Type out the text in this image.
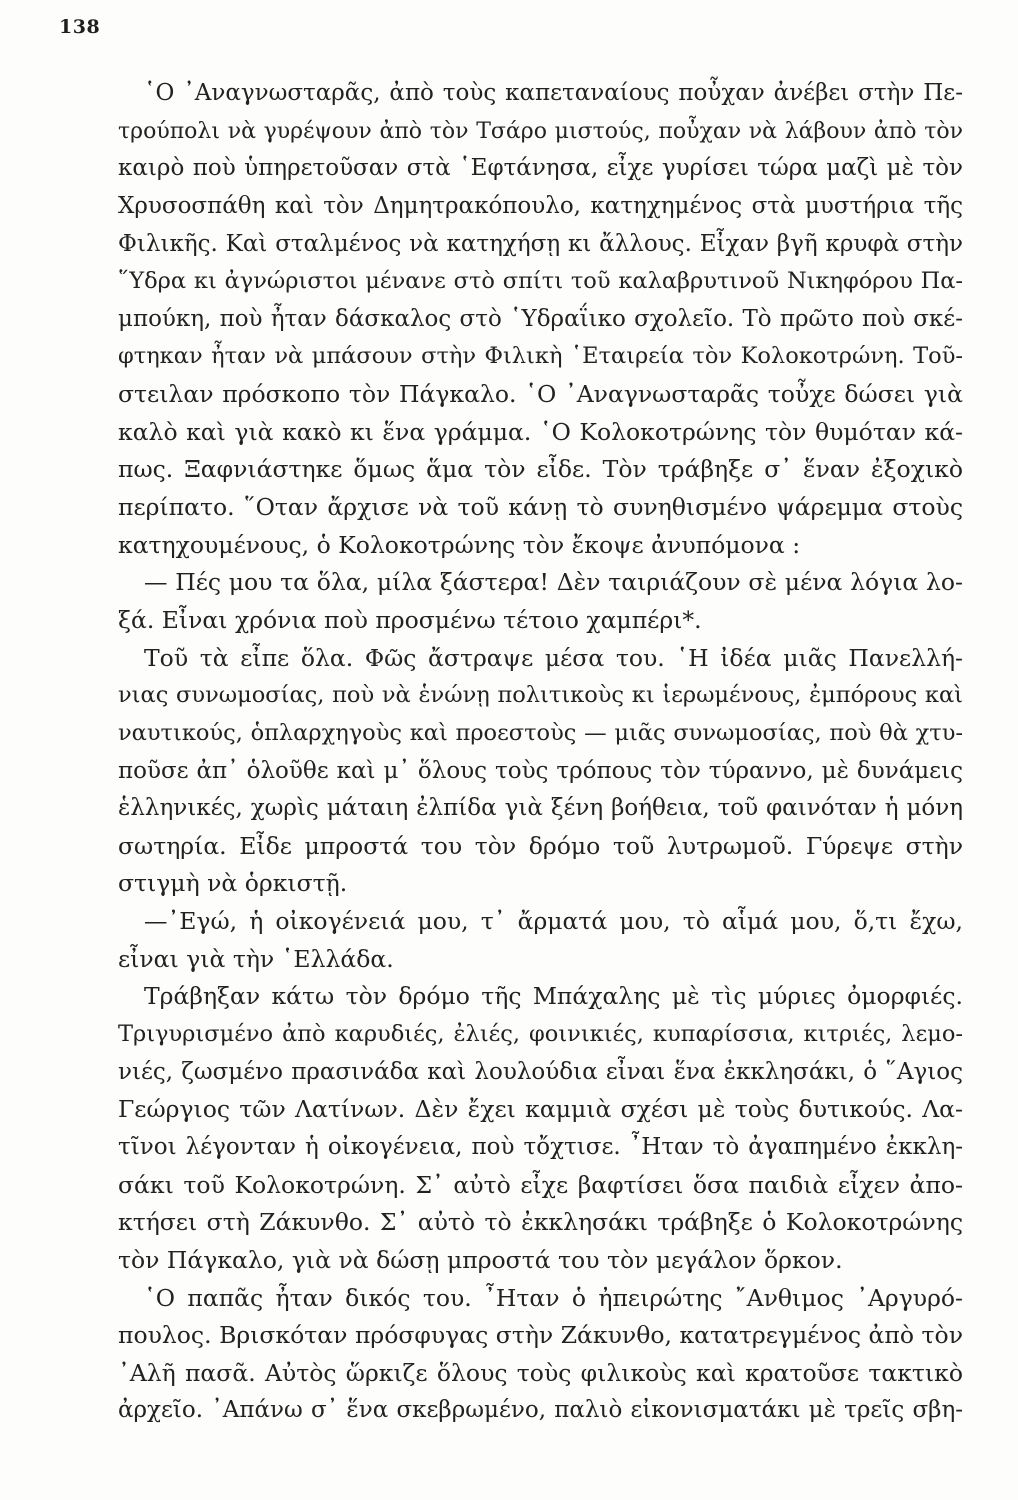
138
῾Ο ᾿Αναγνωσταρᾶς, ἀπὸ τοὺς καπεταναίους ποὖχαν ἀνέβει στὴν Πε-
τρούπολι νὰ γυρέψουν ἀπὸ τὸν Τσάρο μιστούς, ποὖχαν νὰ λάβουν ἀπὸ τὸν
καιρὸ ποὺ ὑπηρετοῦσαν στὰ ῾Εφτάνησα, εἶχε γυρίσει τώρα μαζὶ μὲ τὸν
Χρυσοσπάθη καὶ τὸν Δημητρακόπουλο, κατηχημένος στὰ μυστήρια τῆς
Φιλικῆς. Καὶ σταλμένος νὰ κατηχήσῃ κι ἄλλους. Εἶχαν βγῆ κρυφὰ στὴν
῞Υδρα κι ἀγνώριστοι μένανε στὸ σπίτι τοῦ καλαβρυτινοῦ Νικηφόρου Πα-
μπούκη, ποὺ ἦταν δάσκαλος στὸ ῾Υδραΐικο σχολεῖο. Τὸ πρῶτο ποὺ σκέ-
φτηκαν ἦταν νὰ μπάσουν στὴν Φιλικὴ ῾Εταιρεία τὸν Κολοκοτρώνη. Τοῦ-
στειλαν πρόσκοπο τὸν Πάγκαλο. ῾Ο ᾿Αναγνωσταρᾶς τοὖχε δώσει γιὰ
καλὸ καὶ γιὰ κακὸ κι ἕνα γράμμα. ῾Ο Κολοκοτρώνης τὸν θυμόταν κά-
πως. Ξαφνιάστηκε ὅμως ἅμα τὸν εἶδε. Τὸν τράβηξε σ᾿ ἕναν ἐξοχικὸ
περίπατο. ῞Οταν ἄρχισε νὰ τοῦ κάνῃ τὸ συνηθισμένο ψάρεμμα στοὺς
κατηχουμένους, ὁ Κολοκοτρώνης τὸν ἔκοψε ἀνυπόμονα :
— Πές μου τα ὅλα, μίλα ξάστερα! Δὲν ταιριάζουν σὲ μένα λόγια λο-
ξά. Εἶναι χρόνια ποὺ προσμένω τέτοιο χαμπέρι*.
Τοῦ τὰ εἶπε ὅλα. Φῶς ἄστραψε μέσα του. ῾Η ἰδέα μιᾶς Πανελλή-
νιας συνωμοσίας, ποὺ νὰ ἑνώνῃ πολιτικοὺς κι ἱερωμένους, ἐμπόρους καὶ
ναυτικούς, ὁπλαρχηγοὺς καὶ προεστοὺς — μιᾶς συνωμοσίας, ποὺ θὰ χτυ-
ποῦσε ἀπ᾿ ὁλοῦθε καὶ μ᾿ ὅλους τοὺς τρόπους τὸν τύραννο, μὲ δυνάμεις
ἑλληνικές, χωρὶς μάταιη ἐλπίδα γιὰ ξένη βοήθεια, τοῦ φαινόταν ἡ μόνη
σωτηρία. Εἶδε μπροστά του τὸν δρόμο τοῦ λυτρωμοῦ. Γύρεψε στὴν
στιγμὴ νὰ ὁρκιστῇ.
—᾿Εγώ, ἡ οἰκογένειά μου, τ᾿ ἄρματά μου, τὸ αἷμά μου, ὅ,τι ἔχω,
εἶναι γιὰ τὴν ῾Ελλάδα.
Τράβηξαν κάτω τὸν δρόμο τῆς Μπάχαλης μὲ τὶς μύριες ὀμορφιές.
Τριγυρισμένο ἀπὸ καρυδιές, ἐλιές, φοινικιές, κυπαρίσσια, κιτριές, λεμο-
νιές, ζωσμένο πρασινάδα καὶ λουλούδια εἶναι ἕνα ἐκκλησάκι, ὁ ῞Αγιος
Γεώργιος τῶν Λατίνων. Δὲν ἔχει καμμιὰ σχέσι μὲ τοὺς δυτικούς. Λα-
τῖνοι λέγονταν ἡ οἰκογένεια, ποὺ τὄχτισε. ῏Ηταν τὸ ἀγαπημένο ἐκκλη-
σάκι τοῦ Κολοκοτρώνη. Σ᾿ αὐτὸ εἶχε βαφτίσει ὅσα παιδιὰ εἶχεν ἀπο-
κτήσει στὴ Ζάκυνθο. Σ᾿ αὐτὸ τὸ ἐκκλησάκι τράβηξε ὁ Κολοκοτρώνης
τὸν Πάγκαλο, γιὰ νὰ δώσῃ μπροστά του τὸν μεγάλον ὅρκον.
῾Ο παπᾶς ἦταν δικός του. ῏Ηταν ὁ ἠπειρώτης ῎Ανθιμος ᾿Αργυρό-
πουλος. Βρισκόταν πρόσφυγας στὴν Ζάκυνθο, κατατρεγμένος ἀπὸ τὸν
᾿Αλῆ πασᾶ. Αὐτὸς ὥρκιζε ὅλους τοὺς φιλικοὺς καὶ κρατοῦσε τακτικὸ
ἀρχεῖο. ᾿Απάνω σ᾿ ἕνα σκεβρωμένο, παλιὸ εἰκονισματάκι μὲ τρεῖς σβη-
